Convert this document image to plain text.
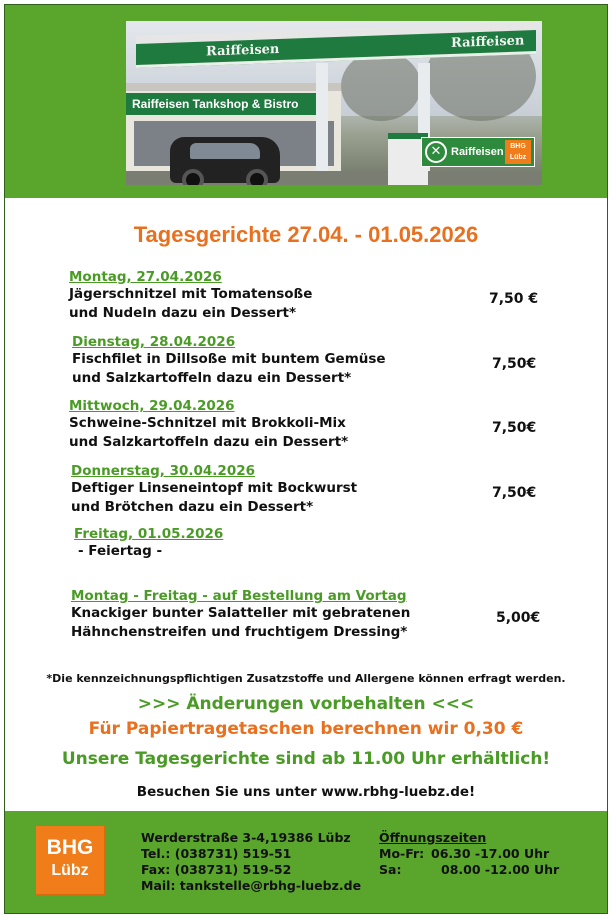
Raiffeisen Tankshop & Bistro
Raiffeisen	Raiffeisen
✕ Raiffeisen BHG
Lübz
Tagesgerichte 27.04. - 01.05.2026
Montag, 27.04.2026
Jägerschnitzel mit Tomatensoße
und Nudeln dazu ein Dessert*
7,50 €
Dienstag, 28.04.2026
Fischfilet in Dillsoße mit buntem Gemüse
und Salzkartoffeln dazu ein Dessert*
7,50€
Mittwoch, 29.04.2026
Schweine-Schnitzel mit Brokkoli-Mix
und Salzkartoffeln dazu ein Dessert*
7,50€
Donnerstag, 30.04.2026
Deftiger Linseneintopf mit Bockwurst
und Brötchen dazu ein Dessert*
7,50€
Freitag, 01.05.2026
- Feiertag -
Montag - Freitag - auf Bestellung am Vortag
Knackiger bunter Salatteller mit gebratenen
Hähnchenstreifen und fruchtigem Dressing*
5,00€
*Die kennzeichnungspflichtigen Zusatzstoffe und Allergene können erfragt werden.
>>> Änderungen vorbehalten <<<
Für Papiertragetaschen berechnen wir 0,30 €
Unsere Tagesgerichte sind ab 11.00 Uhr erhältlich!
Besuchen Sie uns unter www.rbhg-luebz.de!
BHG
Lübz
Werderstraße 3-4,19386 Lübz
Tel.: (038731) 519-51
Fax: (038731) 519-52
Mail: tankstelle@rbhg-luebz.de
Öffnungszeiten
Mo-Fr: 06.30 -17.00 Uhr
Sa:	08.00 -12.00 Uhr
